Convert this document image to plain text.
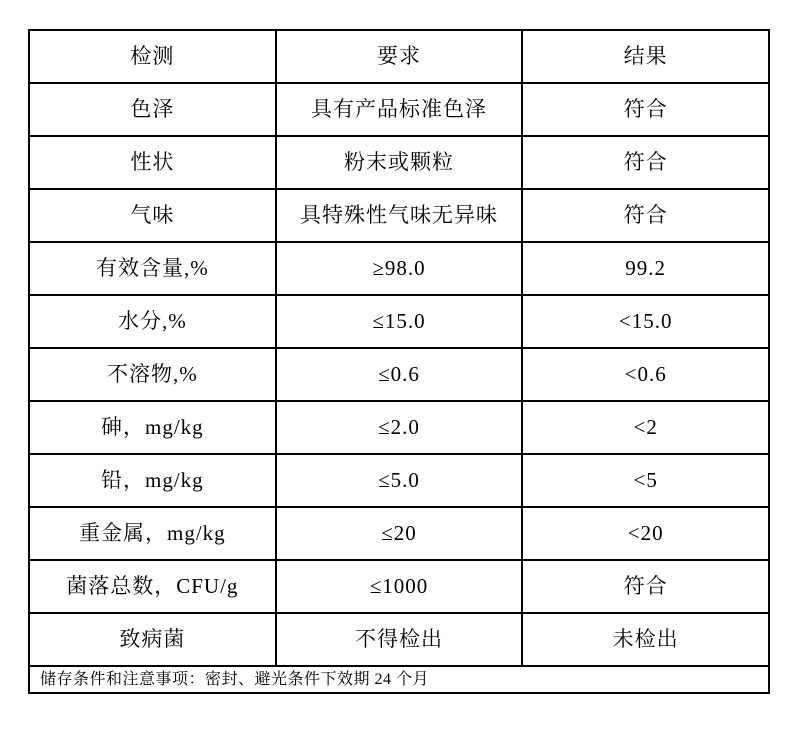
检测	要求	结果
色泽	具有产品标准色泽	符合
性状	粉末或颗粒	符合
气味	具特殊性气味无异味	符合
有效含量,%	≥98.0	99.2
水分,%	≤15.0	<15.0
不溶物,%	≤0.6	<0.6
砷，mg/kg	≤2.0	<2
铅，mg/kg	≤5.0	<5
重金属，mg/kg	≤20	<20
菌落总数，CFU/g	≤1000	符合
致病菌	不得检出	未检出
储存条件和注意事项：密封、避光条件下效期 24 个月		
